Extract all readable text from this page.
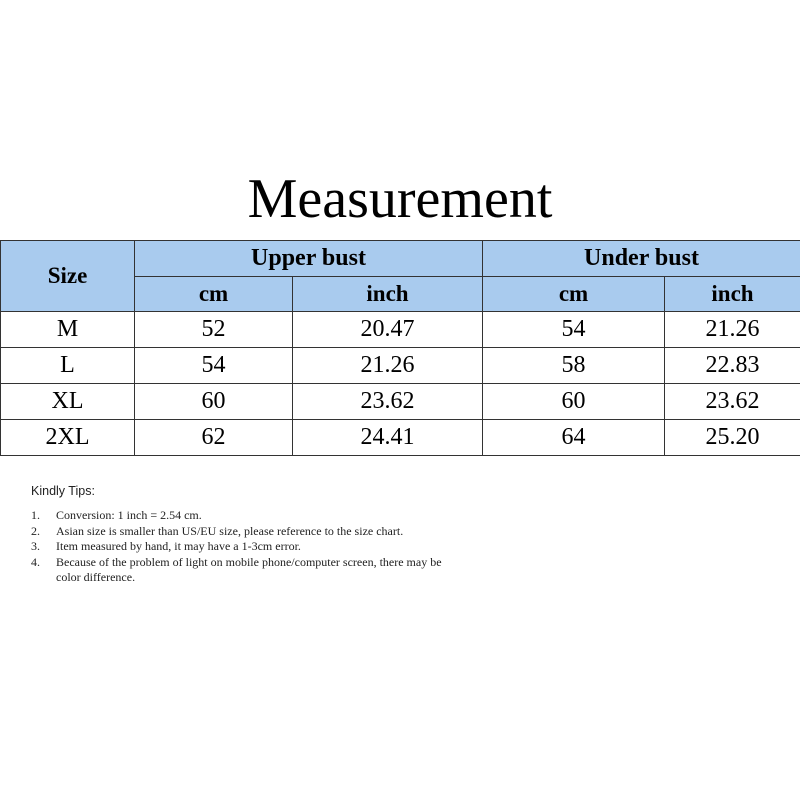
Measurement
Size	Upper bust		Under bust	
	cm	inch	cm	inch
M	52	20.47	54	21.26
L	54	21.26	58	22.83
XL	60	23.62	60	23.62
2XL	62	24.41	64	25.20
Kindly Tips:
1. Conversion: 1 inch = 2.54 cm.
2. Asian size is smaller than US/EU size, please reference to the size chart.
3. Item measured by hand, it may have a 1-3cm error.
4. Because of the problem of light on mobile phone/computer screen, there may be
color difference.
